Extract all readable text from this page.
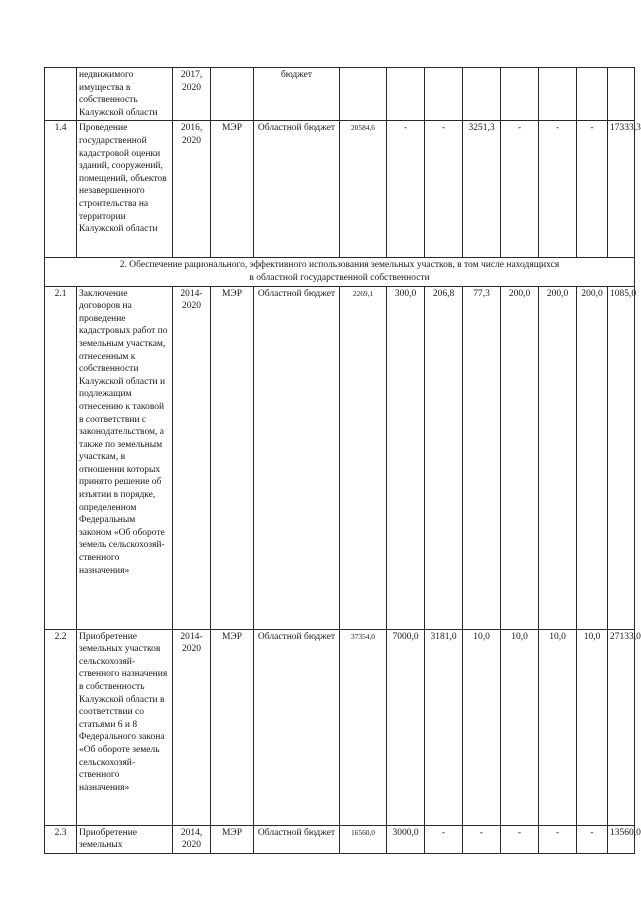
	недвижимого имущества в собственность Калужской области	2017, 2020		бюджет								
1.4	Проведение государственной кадастровой оценки зданий, сооружений, помещений, объектов незавершенного строительства на территории Калужской области	2016, 2020	МЭР	Областной бюджет	20584,6	-	-	3251,3	-	-	-	17333,3

2. Обеспечение рационального, эффективного использования земельных участков, в том числе находящихся
в областной государственной собственности												

2.1	Заключение договоров на проведение кадастровых работ по земельным участкам, отнесенным к собственности Калужской области и подлежащим отнесению к таковой в соответствии с законодательством, а также по земельным участкам, в отношении которых принято решение об изъятии в порядке, определенном Федеральным законом «Об обороте земель сельскохозяй-ственного назначения»	2014- 2020	МЭР	Областной бюджет	2269,1	300,0	206,8	77,3	200,0	200,0	200,0	1085,0
2.2	Приобретение земельных участков сельскохозяй-ственного назначения в собственность Калужской области в соответствии со статьями 6 и 8 Федерального закона «Об обороте земель сельскохозяй-ственного назначения»	2014- 2020	МЭР	Областной бюджет	37354,0	7000,0	3181,0	10,0	10,0	10,0	10,0	27133,0
2.3	Приобретение земельных	2014, 2020	МЭР	Областной бюджет	16560,0	3000,0	-	-	-	-	-	13560,0
